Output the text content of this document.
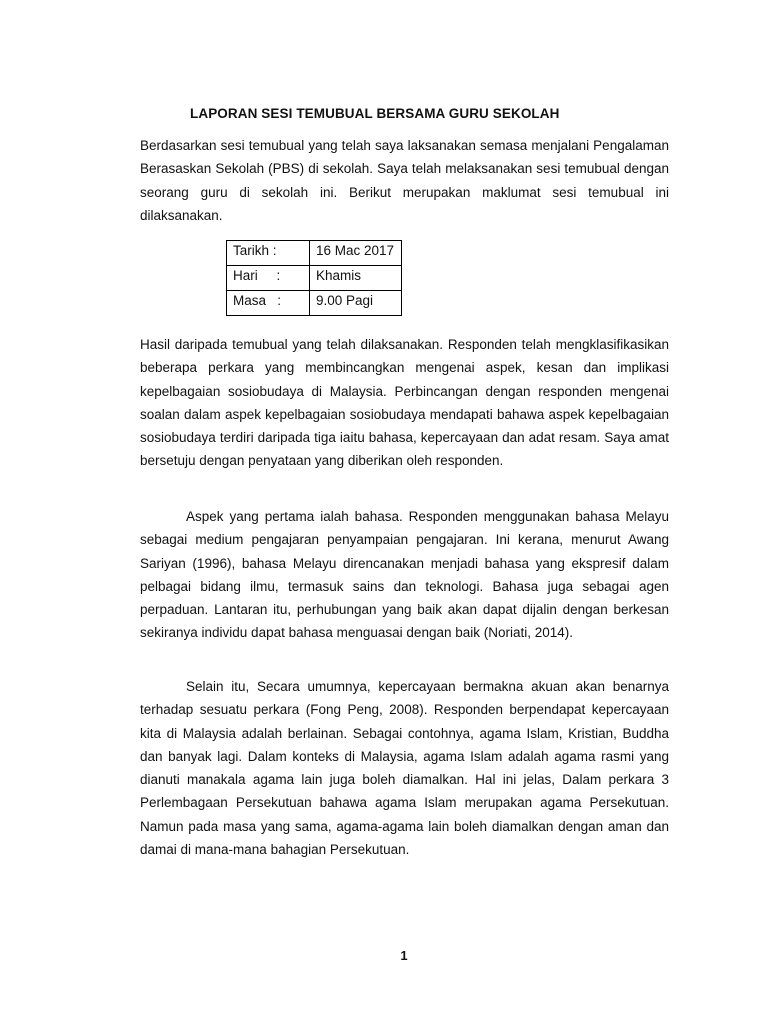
LAPORAN SESI TEMUBUAL BERSAMA GURU SEKOLAH

Berdasarkan sesi temubual yang telah saya laksanakan semasa menjalani Pengalaman Berasaskan Sekolah (PBS) di sekolah. Saya telah melaksanakan sesi temubual dengan seorang guru di sekolah ini. Berikut merupakan maklumat sesi temubual ini dilaksanakan.

Tarikh :	16 Mac 2017
Hari     :	Khamis
Masa   :	9.00 Pagi

Hasil daripada temubual yang telah dilaksanakan. Responden telah mengklasifikasikan beberapa perkara yang membincangkan mengenai aspek, kesan dan implikasi kepelbagaian sosiobudaya di Malaysia. Perbincangan dengan responden mengenai soalan dalam aspek kepelbagaian sosiobudaya mendapati bahawa aspek kepelbagaian sosiobudaya terdiri daripada tiga iaitu bahasa, kepercayaan dan adat resam. Saya amat bersetuju dengan penyataan yang diberikan oleh responden.

Aspek yang pertama ialah bahasa. Responden menggunakan bahasa Melayu sebagai medium pengajaran penyampaian pengajaran. Ini kerana, menurut Awang Sariyan (1996), bahasa Melayu direncanakan menjadi bahasa yang ekspresif dalam pelbagai bidang ilmu, termasuk sains dan teknologi. Bahasa juga sebagai agen perpaduan. Lantaran itu, perhubungan yang baik akan dapat dijalin dengan berkesan sekiranya individu dapat bahasa menguasai dengan baik (Noriati, 2014).

Selain itu, Secara umumnya, kepercayaan bermakna akuan akan benarnya terhadap sesuatu perkara (Fong Peng, 2008). Responden berpendapat kepercayaan kita di Malaysia adalah berlainan. Sebagai contohnya, agama Islam, Kristian, Buddha dan banyak lagi. Dalam konteks di Malaysia, agama Islam adalah agama rasmi yang dianuti manakala agama lain juga boleh diamalkan. Hal ini jelas, Dalam perkara 3 Perlembagaan Persekutuan bahawa agama Islam merupakan agama Persekutuan. Namun pada masa yang sama, agama-agama lain boleh diamalkan dengan aman dan damai di mana-mana bahagian Persekutuan.

1
